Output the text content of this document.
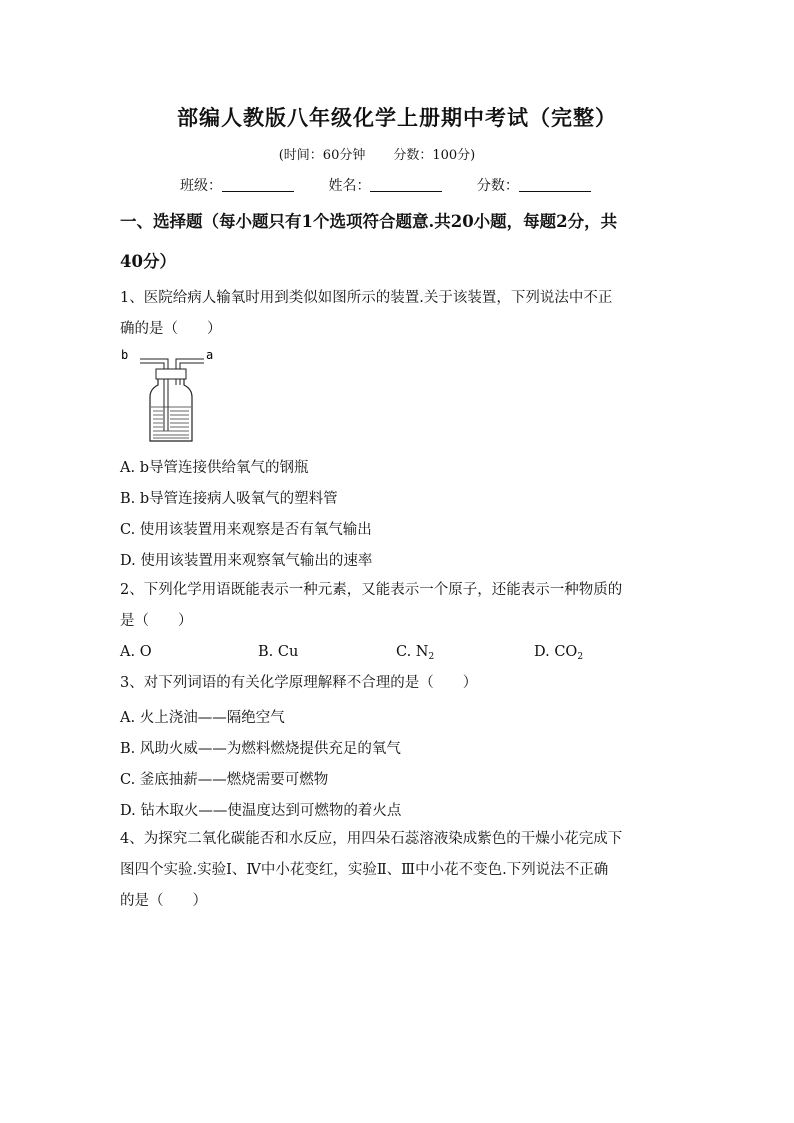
部编人教版八年级化学上册期中考试（完整）
(时间：60分钟 分数：100分)
班级：	姓名：	分数：
一、选择题（每小题只有1个选项符合题意.共20小题，每题2分，共
40分）
1、医院给病人输氧时用到类似如图所示的装置.关于该装置，下列说法中不正
确的是（　　）
b	a
A. b导管连接供给氧气的钢瓶
B. b导管连接病人吸氧气的塑料管
C. 使用该装置用来观察是否有氧气输出
D. 使用该装置用来观察氧气输出的速率
2、下列化学用语既能表示一种元素，又能表示一个原子，还能表示一种物质的
是（　　）
A. O	B. Cu	C. $N_2$	D. $CO_2$
3、对下列词语的有关化学原理解释不合理的是（　　）
A. 火上浇油——隔绝空气
B. 风助火威——为燃料燃烧提供充足的氧气
C. 釜底抽薪——燃烧需要可燃物
D. 钻木取火——使温度达到可燃物的着火点
4、为探究二氧化碳能否和水反应，用四朵石蕊溶液染成紫色的干燥小花完成下
图四个实验.实验Ⅰ、Ⅳ中小花变红，实验Ⅱ、Ⅲ中小花不变色.下列说法不正确
的是（　　）
